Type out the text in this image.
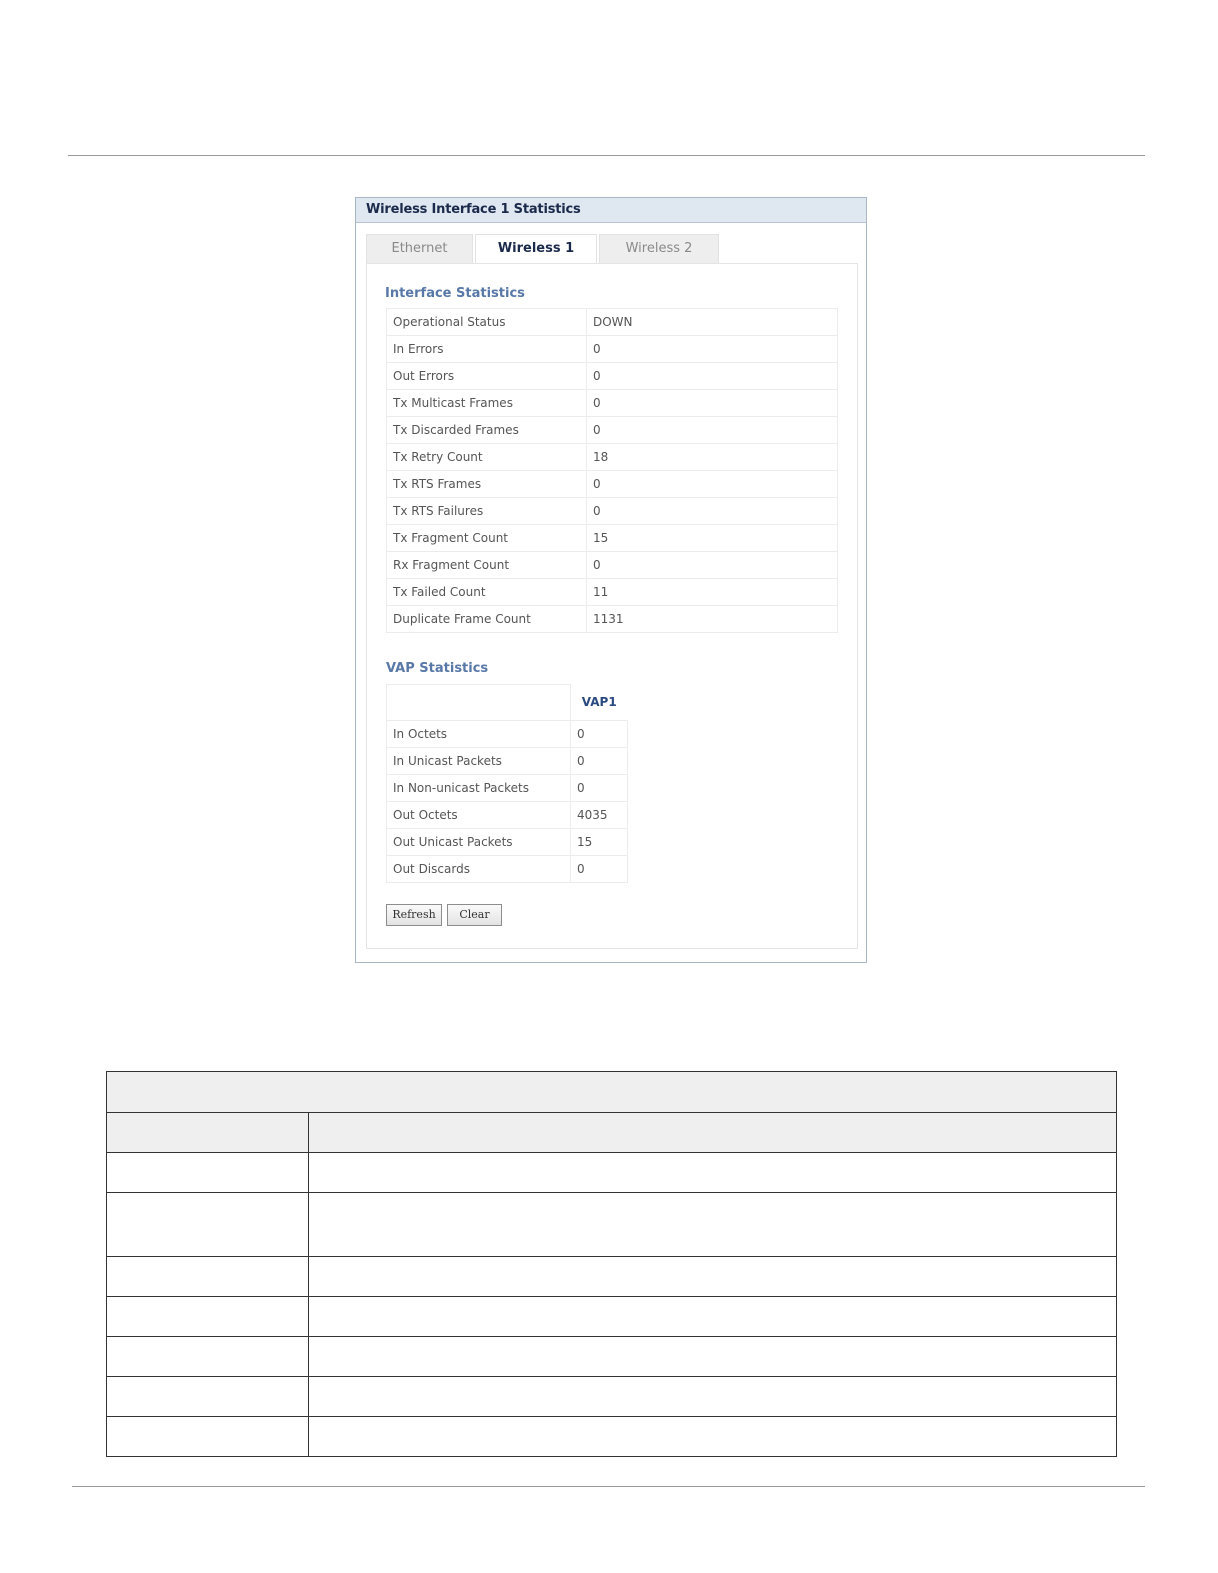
Wireless Interface 1 Statistics
Ethernet	Wireless 1	Wireless 2
Interface Statistics
Operational Status	DOWN
In Errors	0
Out Errors	0
Tx Multicast Frames	0
Tx Discarded Frames	0
Tx Retry Count	18
Tx RTS Frames	0
Tx RTS Failures	0
Tx Fragment Count	15
Rx Fragment Count	0
Tx Failed Count	11
Duplicate Frame Count	1131
VAP Statistics
	VAP1
In Octets	0
In Unicast Packets	0
In Non-unicast Packets	0
Out Octets	4035
Out Unicast Packets	15
Out Discards	0
Refresh	Clear
